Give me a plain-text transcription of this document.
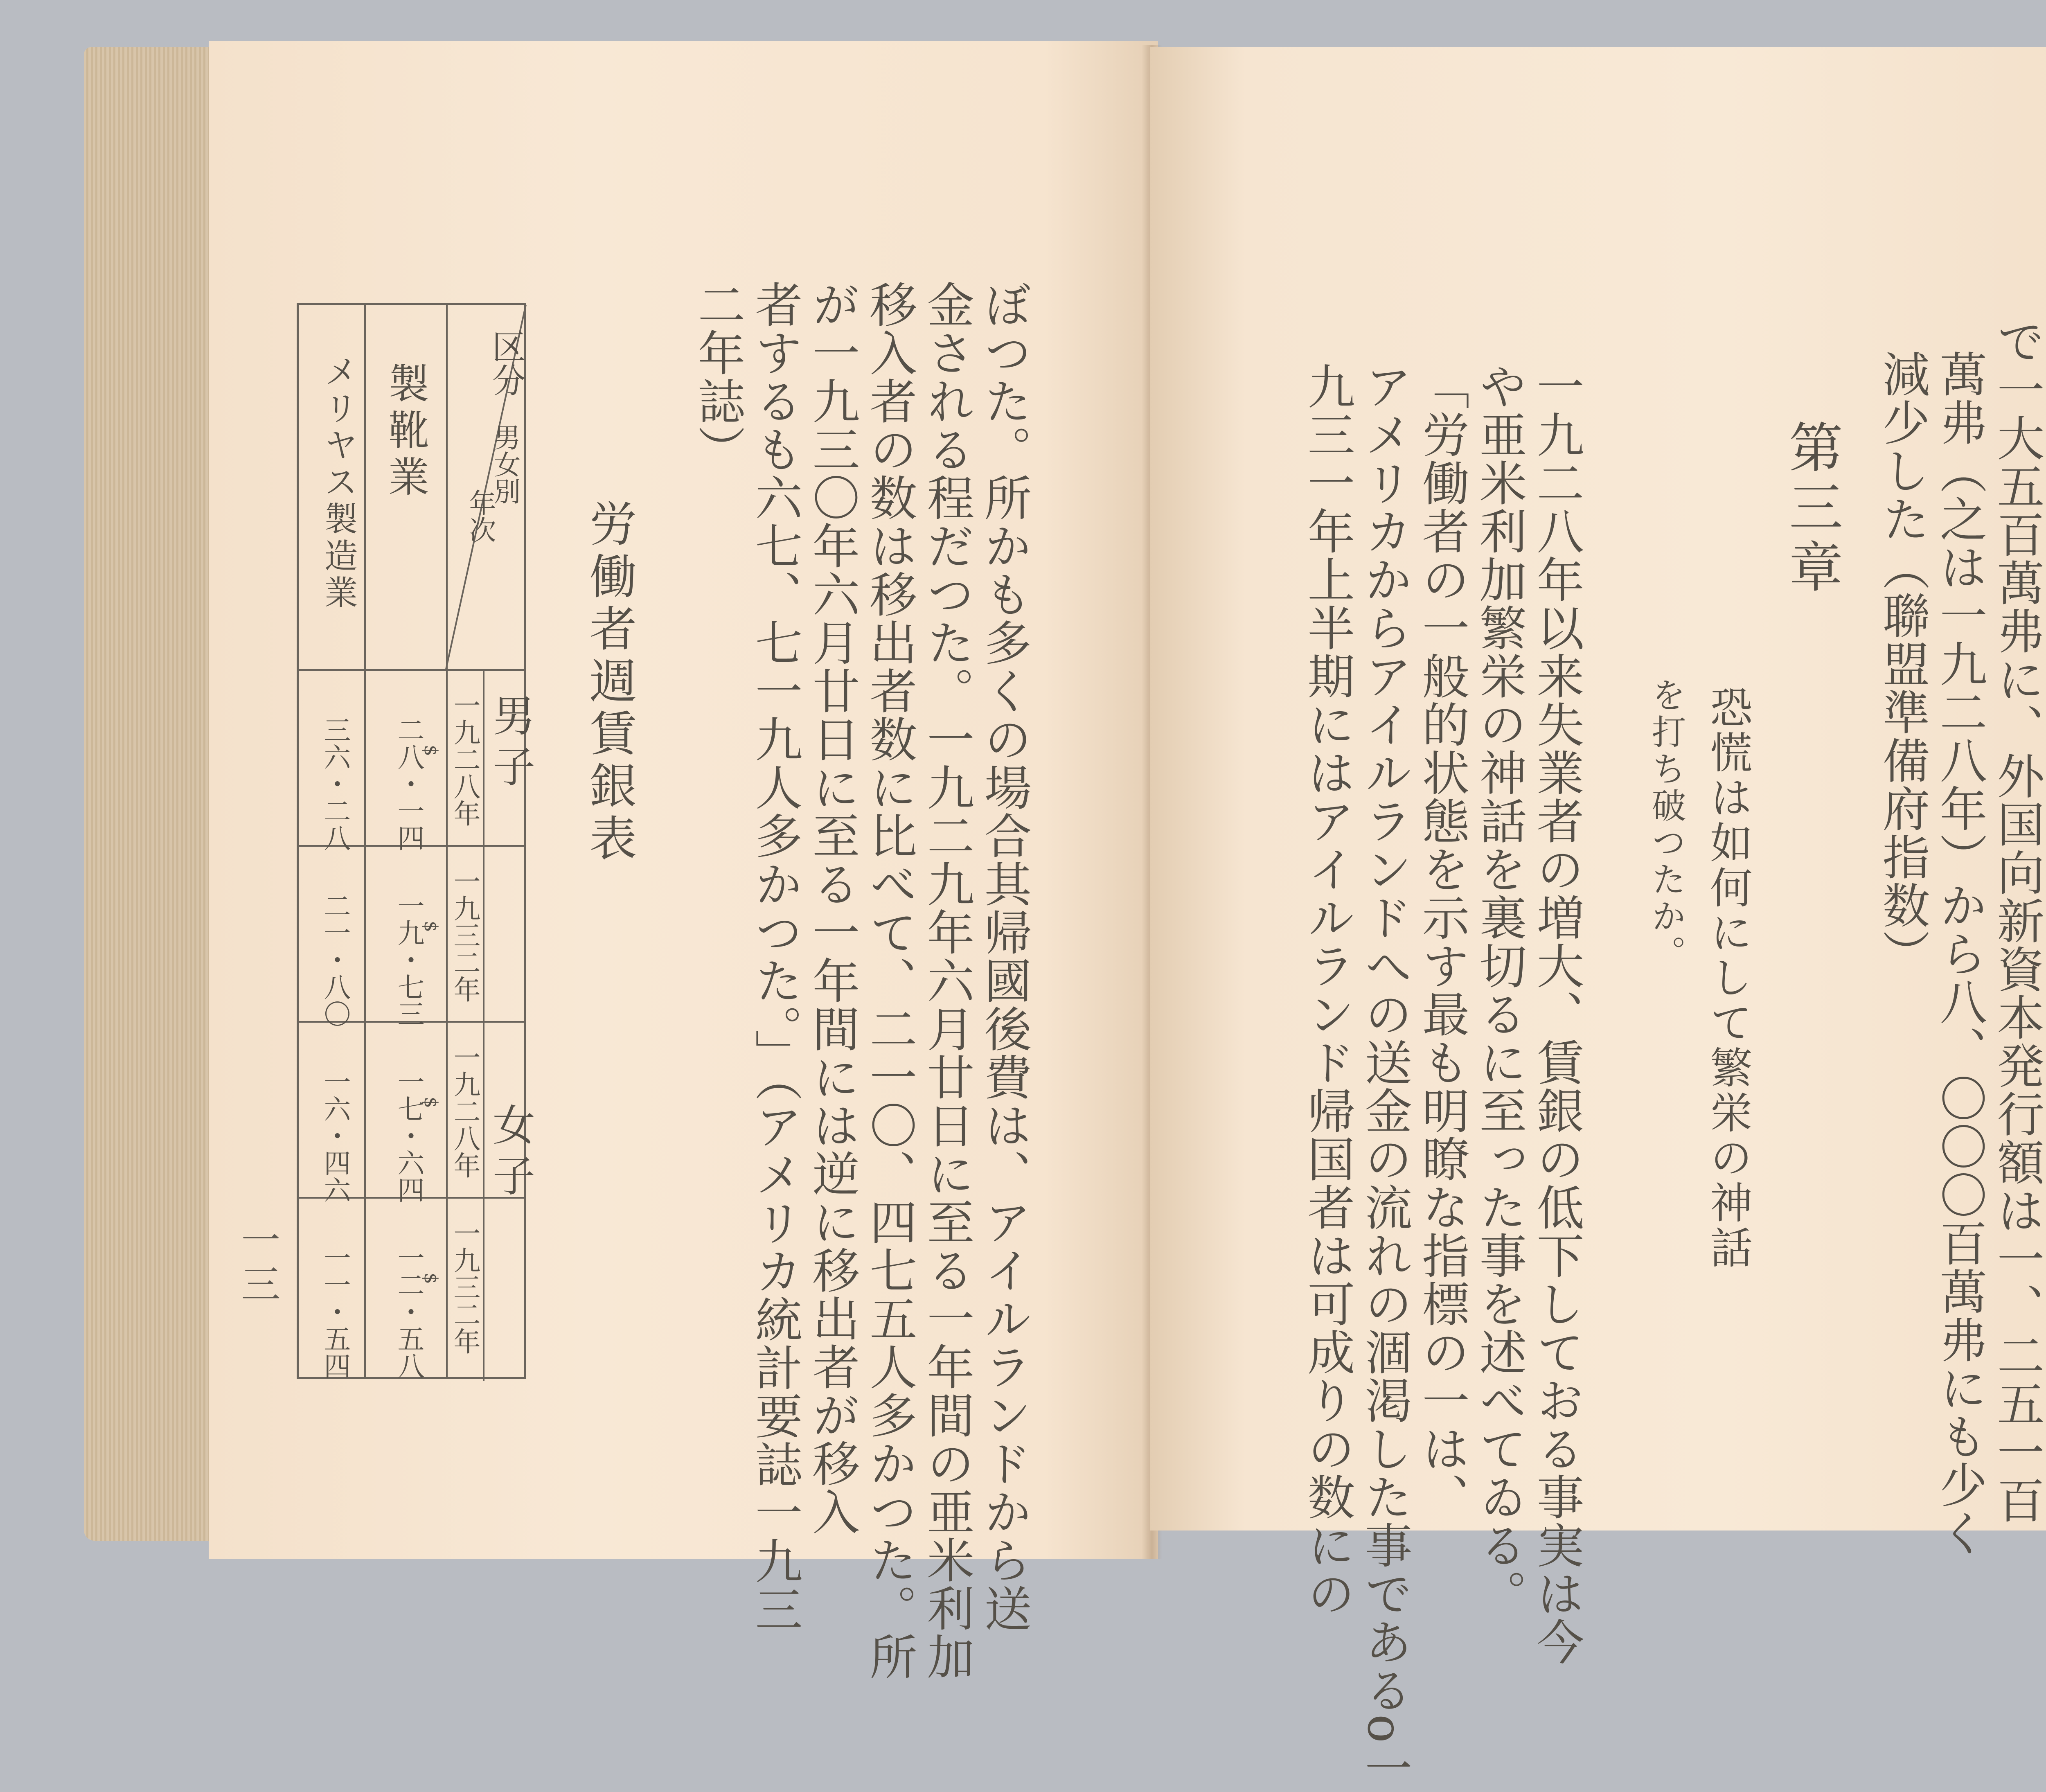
ぼつた。所かも多くの場合其帰國後費は、アイルランドから送
金される程だつた。一九二九年六月廿日に至る一年間の亜米利加
移入者の数は移出者数に比べて、二一〇、四七五人多かつた。所
が一九三〇年六月廿日に至る一年間には逆に移出者が移入
者するも六七、七一九人多かつた。」（アメリカ統計要誌一九三
二年誌）
労働者週賃銀表
一三
男女別
年次
区分
男子
女子
一九二八年
一九三二年
一九二八年
一九三二年
製靴業
二八・一四
一九・七三
一七・六四
一二・五八
メリヤス製造業
三六・二八
二一・八〇
一六・四六
一一・五四
$
$
$
$	で一大五百萬弗に、外国向新資本発行額は一、二五一百
萬弗（之は一九二八年）から八、〇〇〇百萬弗にも少く
減少した（聯盟準備府指数）
第三章
恐慌は如何にして繁栄の神話
を打ち破つたか。
一九二八年以来失業者の増大、賃銀の低下しておる事実は今
や亜米利加繁栄の神話を裏切るに至った事を述べてゐる。
「労働者の一般的状態を示す最も明瞭な指標の一は、
アメリカからアイルランドへの送金の流れの涸渇した事であるo一
九三一年上半期にはアイルランド帰国者は可成りの数にの
